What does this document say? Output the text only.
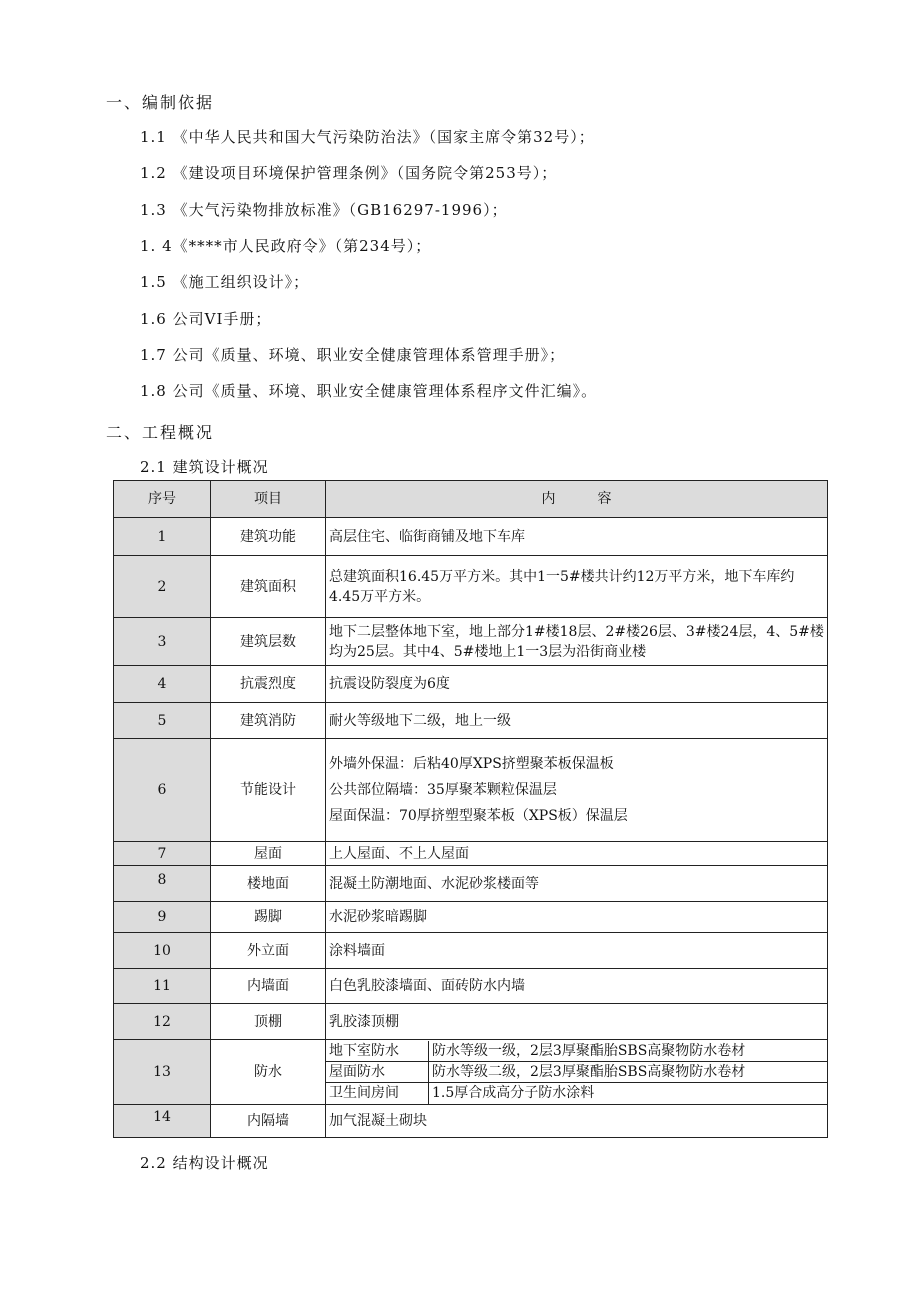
一、编制依据
1.1 《中华人民共和国大气污染防治法》（国家主席令第32号）；
1.2 《建设项目环境保护管理条例》（国务院令第253号）；
1.3 《大气污染物排放标准》（GB16297-1996）；
1. 4《****市人民政府令》（第234号）；
1.5 《施工组织设计》；
1.6 公司VI手册；
1.7 公司《质量、环境、职业安全健康管理体系管理手册》；
1.8 公司《质量、环境、职业安全健康管理体系程序文件汇编》。
二、工程概况
2.1 建筑设计概况
序号	项目	内　　　容
1	建筑功能	高层住宅、临街商铺及地下车库
2	建筑面积	总建筑面积16.45万平方米。其中1一5#楼共计约12万平方米，地下车库约4.45万平方米。
3	建筑层数	地下二层整体地下室，地上部分1#楼18层、2#楼26层、3#楼24层，4、5#楼均为25层。其中4、5#楼地上1一3层为沿街商业楼
4	抗震烈度	抗震设防裂度为6度
5	建筑消防	耐火等级地下二级，地上一级
6	节能设计	
外墙外保温：后粘40厚XPS挤塑聚苯板保温板
公共部位隔墙：35厚聚苯颗粒保温层
屋面保温：70厚挤塑型聚苯板（XPS板）保温层

7	屋面	上人屋面、不上人屋面
8	楼地面	混凝土防潮地面、水泥砂浆楼面等
9	踢脚	水泥砂浆暗踢脚
10	外立面	涂料墙面
11	内墙面	白色乳胶漆墙面、面砖防水内墙
12	顶棚	乳胶漆顶棚
13	防水	
地下室防水	防水等级一级，2层3厚聚酯胎SBS高聚物防水卷材
屋面防水	防水等级二级，2层3厚聚酯胎SBS高聚物防水卷材
卫生间房间	1.5厚合成高分子防水涂料

14	内隔墙	加气混凝土砌块
2.2 结构设计概况
